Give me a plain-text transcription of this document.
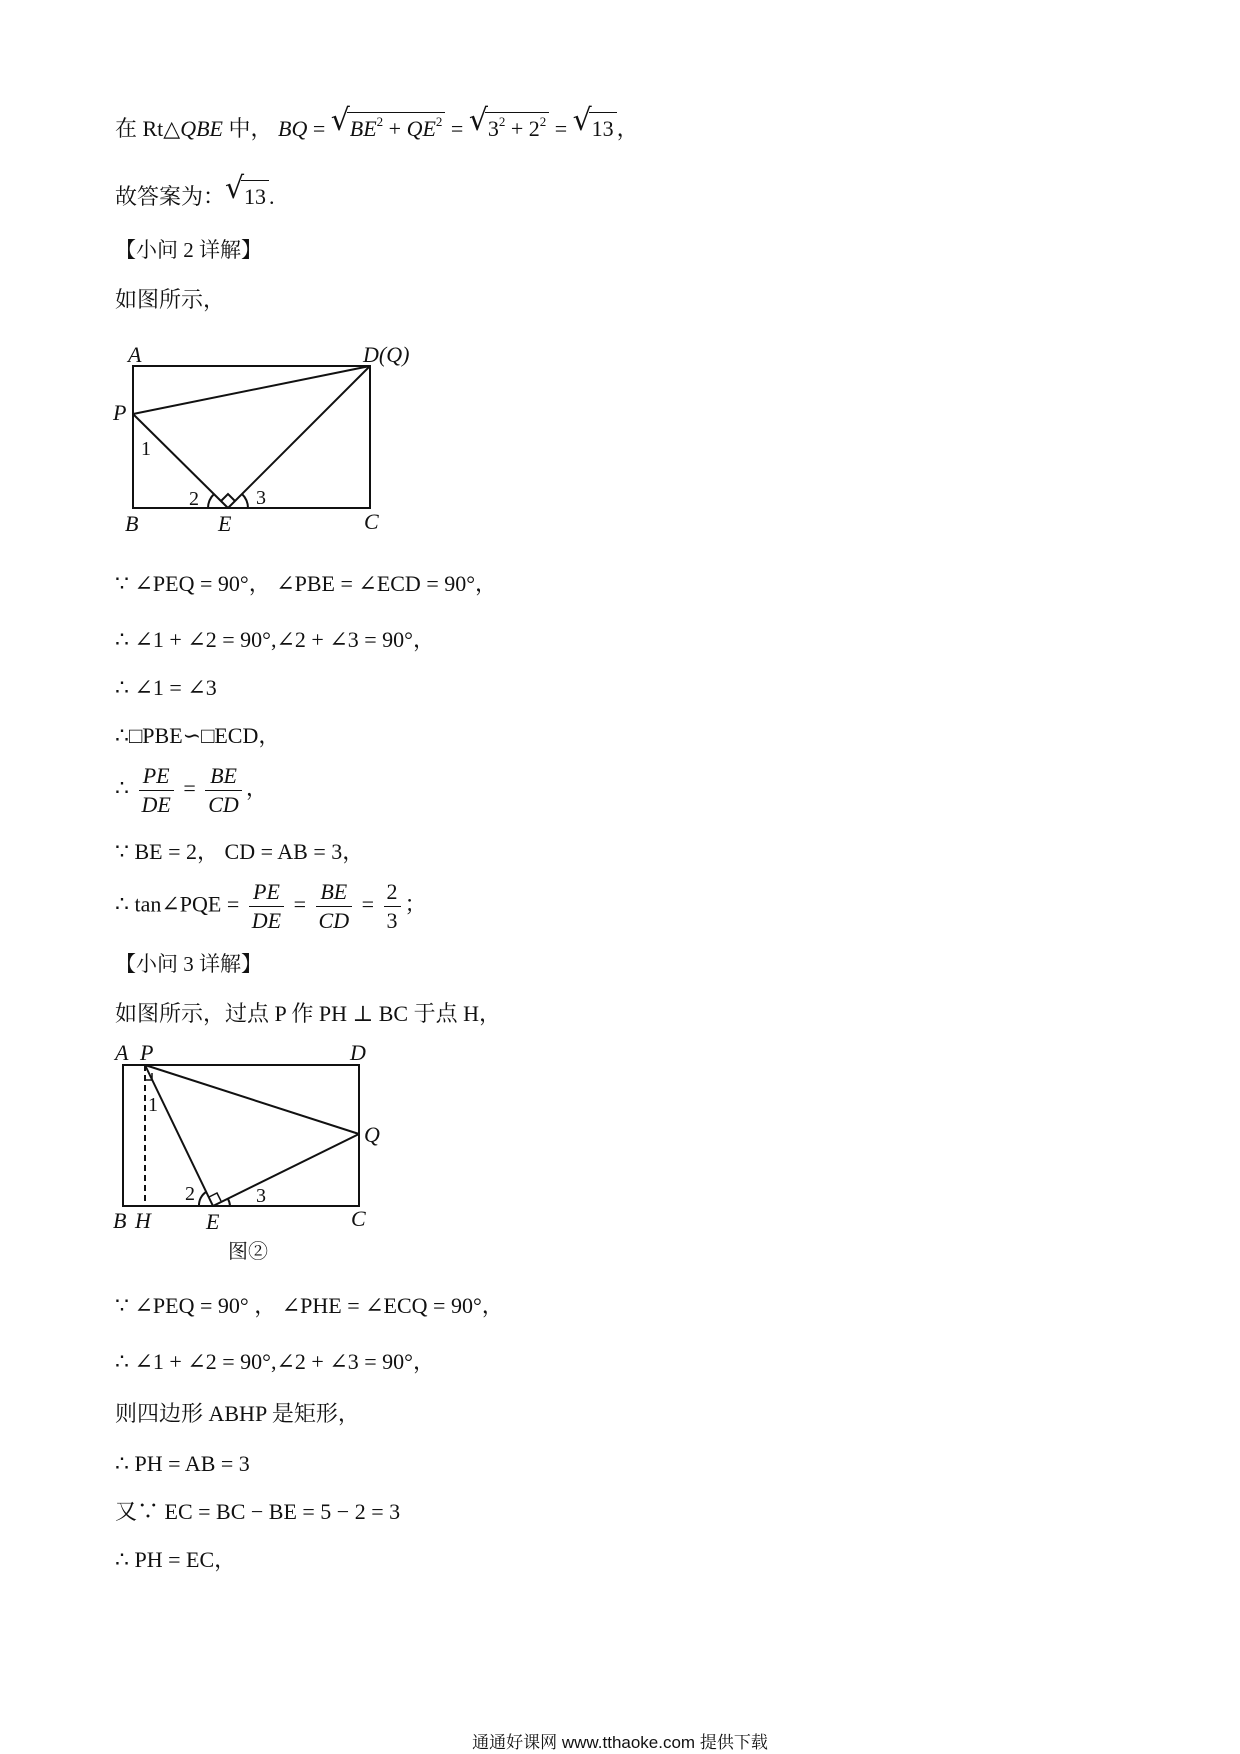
在 Rt△QBE 中， BQ = √ $BE^2 + QE^2$ = √ $3^2 + 2^2$ = √ 13 ，
故答案为： √ 13 .
【小问 2 详解】
如图所示，
A	D(Q)
P
B	E	C
1
2	3
∵ ∠PEQ = 90°， ∠PBE = ∠ECD = 90°，
∴ ∠1 + ∠2 = 90°,∠2 + ∠3 = 90°，
∴ ∠1 = ∠3
∴□PBE∽□ECD，
∴ $\frac{PE}{DE} = \frac{BE}{CD}$ ，
∵ BE = 2， CD = AB = 3，
∴ tan∠PQE = $\frac{PE}{DE} = \frac{BE}{CD} = \frac{2}{3}$ ；
【小问 3 详解】
如图所示，过点 P 作 PH ⊥ BC 于点 H，
A P	D
Q
B H	E	C
1
2	3
图②
∵ ∠PEQ = 90° ， ∠PHE = ∠ECQ = 90°，
∴ ∠1 + ∠2 = 90°,∠2 + ∠3 = 90°，
则四边形 ABHP 是矩形，
∴ PH = AB = 3
又∵ EC = BC − BE = 5 − 2 = 3
∴ PH = EC，
通通好课网 www.tthaoke.com 提供下载
